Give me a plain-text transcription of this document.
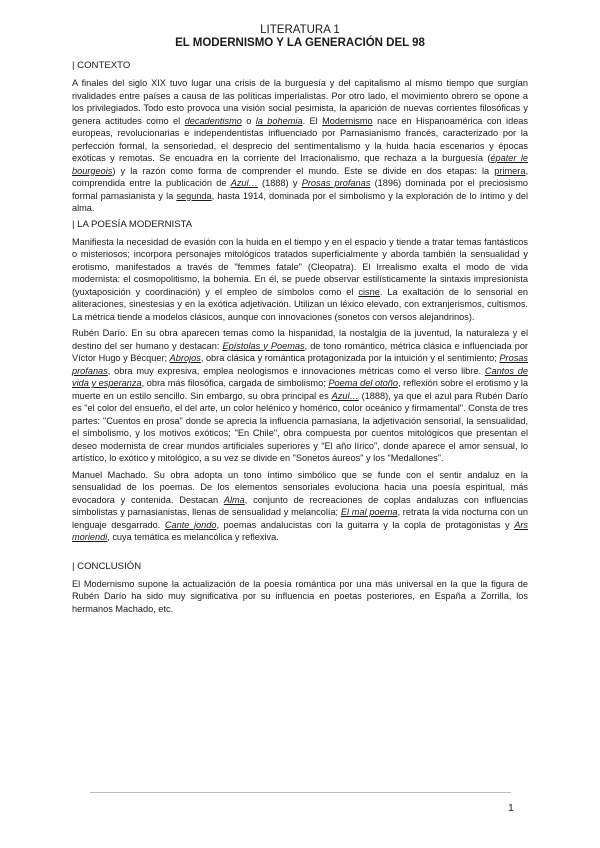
LITERATURA 1
EL MODERNISMO Y LA GENERACIÓN DEL 98
| CONTEXTO

A finales del siglo XIX tuvo lugar una crisis de la burguesía y del capitalismo al mismo tiempo que surgían rivalidades entre países a causa de las políticas imperialistas. Por otro lado, el movimiento obrero se opone a los privilegiados. Todo esto provoca una visión social pesimista, la aparición de nuevas corrientes filosóficas y genera actitudes como el decadentismo o la bohemia. El Modernismo nace en Hispanoamérica con ideas europeas, revolucionarias e independentistas influenciado por Parnasianismo francés, caracterizado por la perfección formal, la sensoriedad, el desprecio del sentimentalismo y la huida hacia escenarios y épocas exóticas y remotas. Se encuadra en la corriente del Irracionalismo, que rechaza a la burguesía (épater le bourgeois) y la razón como forma de comprender el mundo. Este se divide en dos etapas: la primera, comprendida entre la publicación de Azul… (1888) y Prosas profanas (1896) dominada por el preciosismo formal parnasianista y la segunda, hasta 1914, dominada por el simbolismo y la exploración de lo íntimo y del alma.

| LA POESÍA MODERNISTA

Manifiesta la necesidad de evasión con la huida en el tiempo y en el espacio y tiende a tratar temas fantásticos o misteriosos; incorpora personajes mitológicos tratados superficialmente y aborda también la sensualidad y erotismo, manifestados a través de "femmes fatale" (Cleopatra). El Irrealismo exalta el modo de vida modernista: el cosmopolitismo, la bohemia. En él, se puede observar estilísticamente la sintaxis impresionista (yuxtaposición y coordinación) y el empleo de símbolos como el cisne. La exaltación de lo sensorial en aliteraciones, sinestesias y en la exótica adjetivación. Utilizan un léxico elevado, con extranjerismos, cultismos. La métrica tiende a modelos clásicos, aunque con innovaciones (sonetos con versos alejandrinos).

Rubén Darío. En su obra aparecen temas como la hispanidad, la nostalgia de la juventud, la naturaleza y el destino del ser humano y destacan: Epístolas y Poemas, de tono romántico, métrica clásica e influenciada por Víctor Hugo y Bécquer; Abrojos, obra clásica y romántica protagonizada por la intuición y el sentimiento; Prosas profanas, obra muy expresiva, emplea neologismos e innovaciones métricas como el verso libre. Cantos de vida y esperanza, obra más filosófica, cargada de simbolismo; Poema del otoño, reflexión sobre el erotismo y la muerte en un estilo sencillo. Sin embargo, su obra principal es Azul… (1888), ya que el azul para Rubén Darío es "el color del ensueño, el del arte, un color helénico y homérico, color oceánico y firmamental". Consta de tres partes: "Cuentos en prosa" donde se aprecia la influencia parnasiana, la adjetivación sensorial, la sensualidad, el simbolismo, y los motivos exóticos; "En Chile", obra compuesta por cuentos mitológicos que presentan el deseo modernista de crear mundos artificiales superiores y "El año lírico", donde aparece el amor sensual, lo artístico, lo exótico y mitológico, a su vez se divide en "Sonetos áureos" y los "Medallones".

Manuel Machado. Su obra adopta un tono íntimo simbólico que se funde con el sentir andaluz en la sensualidad de los poemas. De los elementos sensoriales evoluciona hacia una poesía espiritual, más evocadora y contenida. Destacan Alma, conjunto de recreaciones de coplas andaluzas con influencias simbolistas y parnasianistas, llenas de sensualidad y melancolía; El mal poema, retrata la vida nocturna con un lenguaje desgarrado. Cante jondo, poemas andalucistas con la guitarra y la copla de protagonistas y Ars moriendi, cuya temática es melancólica y reflexiva.

| CONCLUSIÓN

El Modernismo supone la actualización de la poesía romántica por una más universal en la que la figura de Rubén Darío ha sido muy significativa por su influencia en poetas posteriores, en España a Zorrilla, los hermanos Machado, etc.

1
